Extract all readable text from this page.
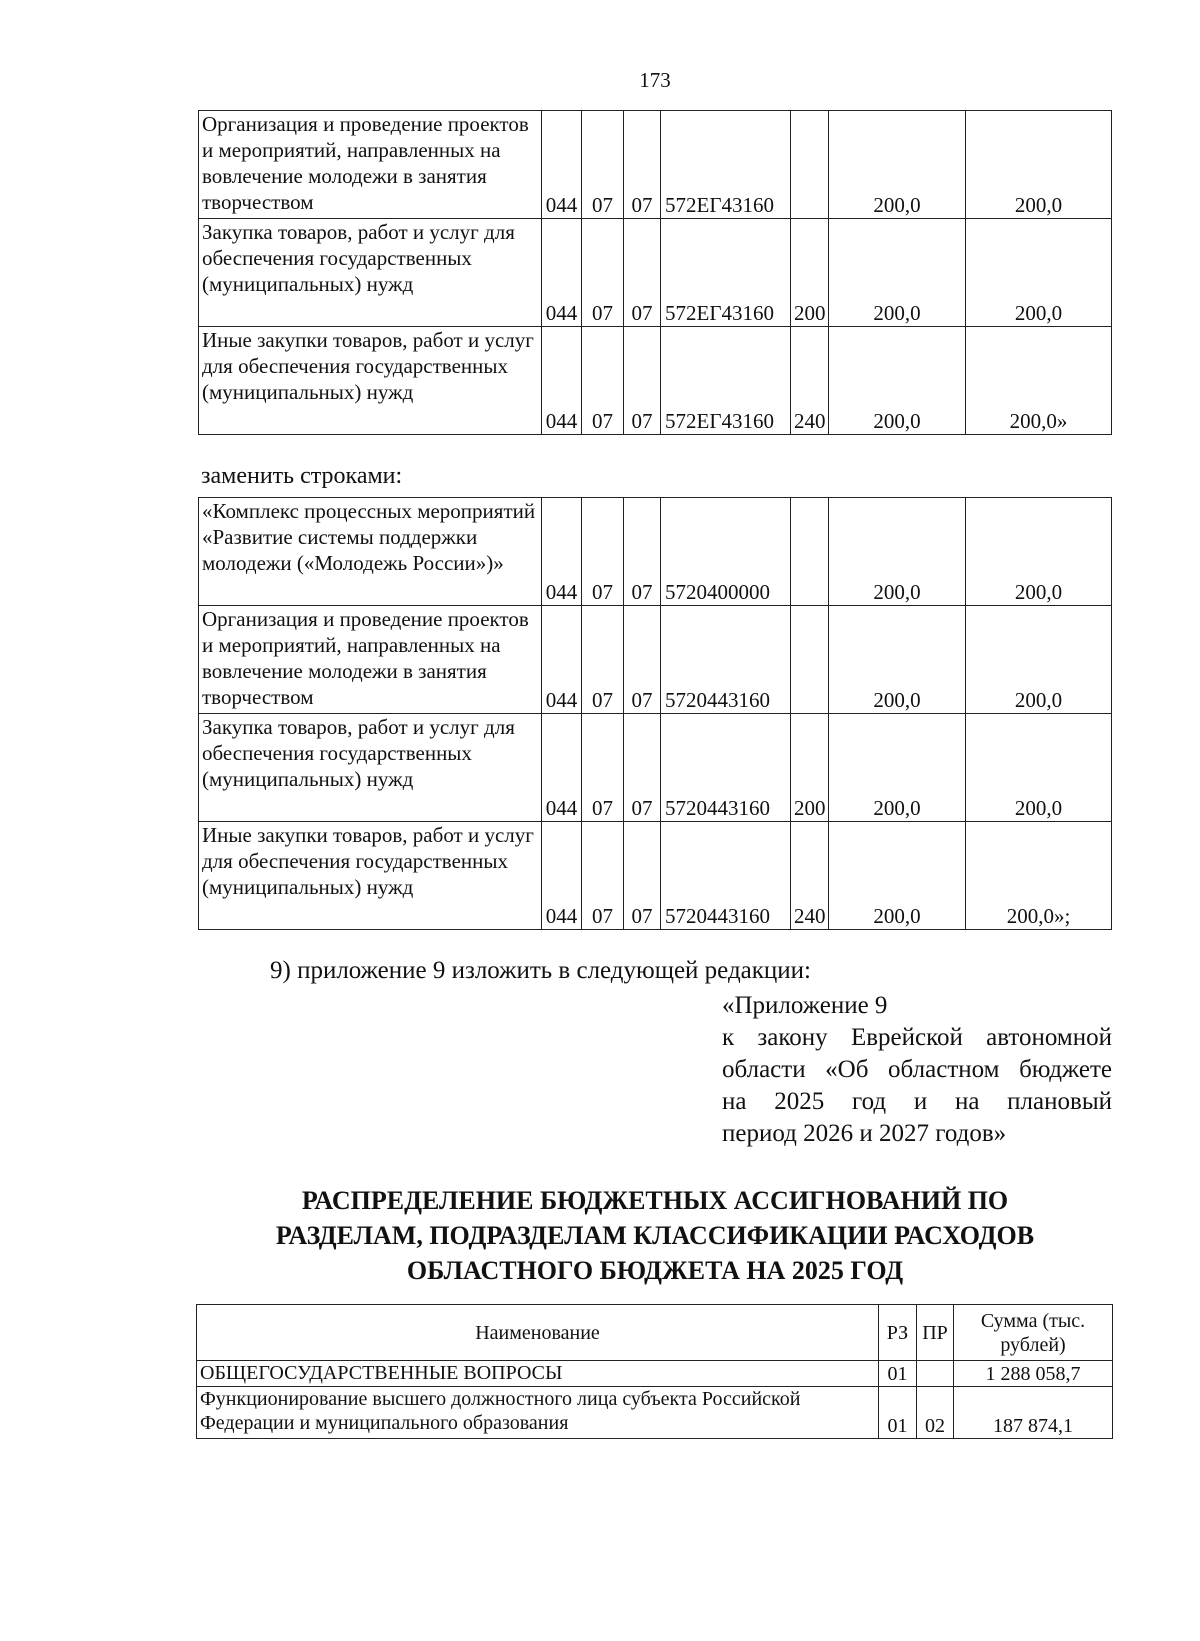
173
Организация и проведение проектов и мероприятий, направленных на вовлечение молодежи в занятия творчеством	044	07	07	572ЕГ43160		200,0	200,0
Закупка товаров, работ и услуг для обеспечения государственных (муниципальных) нужд	044	07	07	572ЕГ43160	200	200,0	200,0
Иные закупки товаров, работ и услуг для обеспечения государственных (муниципальных) нужд	044	07	07	572ЕГ43160	240	200,0	200,0»
заменить строками:
«Комплекс процессных мероприятий «Развитие системы поддержки молодежи («Молодежь России»)»	044	07	07	5720400000		200,0	200,0
Организация и проведение проектов и мероприятий, направленных на вовлечение молодежи в занятия творчеством	044	07	07	5720443160		200,0	200,0
Закупка товаров, работ и услуг для обеспечения государственных (муниципальных) нужд	044	07	07	5720443160	200	200,0	200,0
Иные закупки товаров, работ и услуг для обеспечения государственных (муниципальных) нужд	044	07	07	5720443160	240	200,0	200,0»;
9) приложение 9 изложить в следующей редакции:
«Приложение 9
к закону Еврейской автономной
области «Об областном бюджете
на 2025 год и на плановый
период 2026 и 2027 годов»
РАСПРЕДЕЛЕНИЕ БЮДЖЕТНЫХ АССИГНОВАНИЙ ПО
РАЗДЕЛАМ, ПОДРАЗДЕЛАМ КЛАССИФИКАЦИИ РАСХОДОВ
ОБЛАСТНОГО БЮДЖЕТА НА 2025 ГОД
Наименование	РЗ	ПР	Сумма (тыс. рублей)
ОБЩЕГОСУДАРСТВЕННЫЕ ВОПРОСЫ	01		1 288 058,7
Функционирование высшего должностного лица субъекта Российской Федерации и муниципального образования	01	02	187 874,1
